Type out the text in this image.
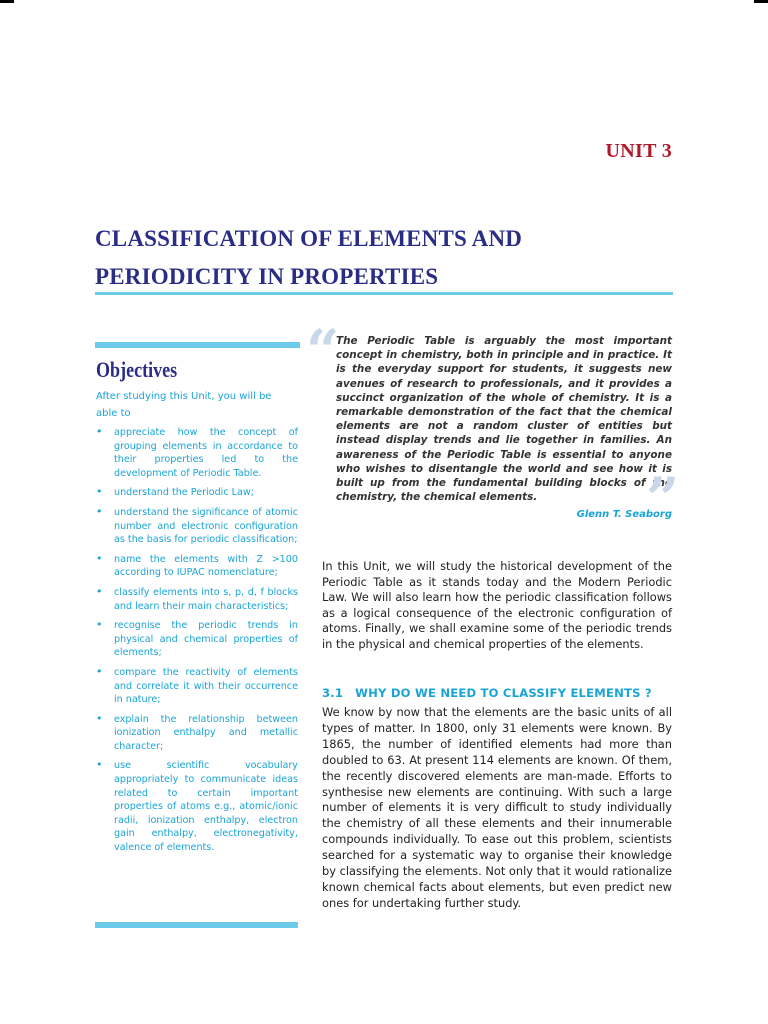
UNIT 3
CLASSIFICATION OF ELEMENTS AND
PERIODICITY IN PROPERTIES
Objectives
After studying this Unit, you will be able to
• appreciate how the concept of grouping elements in accordance to their properties led to the development of Periodic Table.
• understand the Periodic Law;
• understand the significance of atomic number and electronic configuration as the basis for periodic classification;
• name the elements with Z >100 according to IUPAC nomenclature;
• classify elements into s, p, d, f blocks and learn their main characteristics;
• recognise the periodic trends in physical and chemical properties of elements;
• compare the reactivity of elements and correlate it with their occurrence in nature;
• explain the relationship between ionization enthalpy and metallic character;
• use scientific vocabulary appropriately to communicate ideas related to certain important properties of atoms e.g., atomic/ionic radii, ionization enthalpy, electron gain enthalpy, electronegativity, valence of elements.
“
The Periodic Table is arguably the most important concept in chemistry, both in principle and in practice. It is the everyday support for students, it suggests new avenues of research to professionals, and it provides a succinct organization of the whole of chemistry. It is a remarkable demonstration of the fact that the chemical elements are not a random cluster of entities but instead display trends and lie together in families. An awareness of the Periodic Table is essential to anyone who wishes to disentangle the world and see how it is built up from the fundamental building blocks of the chemistry, the chemical elements.	”
Glenn T. Seaborg
In this Unit, we will study the historical development of the Periodic Table as it stands today and the Modern Periodic Law. We will also learn how the periodic classification follows as a logical consequence of the electronic configuration of atoms. Finally, we shall examine some of the periodic trends in the physical and chemical properties of the elements.
3.1 WHY DO WE NEED TO CLASSIFY ELEMENTS ?
We know by now that the elements are the basic units of all types of matter. In 1800, only 31 elements were known. By 1865, the number of identified elements had more than doubled to 63. At present 114 elements are known. Of them, the recently discovered elements are man-made. Efforts to synthesise new elements are continuing. With such a large number of elements it is very difficult to study individually the chemistry of all these elements and their innumerable compounds individually. To ease out this problem, scientists searched for a systematic way to organise their knowledge by classifying the elements. Not only that it would rationalize known chemical facts about elements, but even predict new ones for undertaking further study.
